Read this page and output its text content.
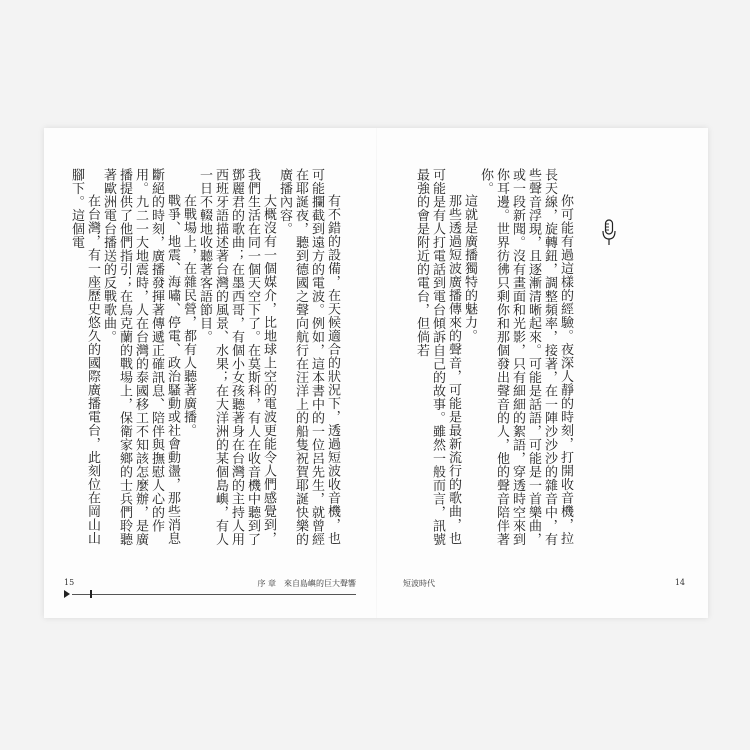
有不錯的設備，在天候適合的狀況下，透過短波收音機，也可能攔截到遠方的電波。例如，這本書中的一位呂先生，就曾經在耶誕夜，聽到德國之聲向航行在汪洋上的船隻祝賀耶誕快樂的廣播內容。

大概沒有一個媒介，比地球上空的電波更能令人們感覺到，我們生活在同一個天空下了。在莫斯科，有人在收音機中聽到了鄧麗君的歌曲；在墨西哥，有個小女孩聽著身在台灣的主持人用西班牙語描述著台灣的風景、水果；在大洋洲的某個島嶼，有人一日不輟地收聽著客語節目。

在戰場上，在雜民營，都有人聽著廣播。

戰爭、地震、海嘯、停電、政治騷動或社會動盪，那些消息斷絕的時刻，廣播發揮著傳遞正確訊息、陪伴與撫慰人心的作用。九二一大地震時，人在台灣的泰國移工不知該怎麼辦，是廣播提供了他們指引；在烏克蘭的戰場上，保衛家鄉的士兵們聆聽著歐洲電台播送的反戰歌曲。

在台灣，有一座歷史悠久的國際廣播電台，此刻位在岡山山腳下。這個電

15	序 章　來自島嶼的巨大聲響

你可能有過這樣的經驗。夜深人靜的時刻，打開收音機，拉長天線，旋轉鈕，調整頻率，接著，在一陣沙沙沙的雜音中，有些聲音浮現，且逐漸清晰起來。可能是話語，可能是一首樂曲，或一段新聞。沒有畫面和光影，只有細細的絮語，穿透時空來到你耳邊。世界彷彿只剩你和那個發出聲音的人，他的聲音陪伴著你。

這就是廣播獨特的魅力。

那些透過短波廣播傳來的聲音，可能是最新流行的歌曲，也可能是有人打電話到電台傾訴自己的故事。雖然一般而言，訊號最強的會是附近的電台，但倘若

短波時代	14
